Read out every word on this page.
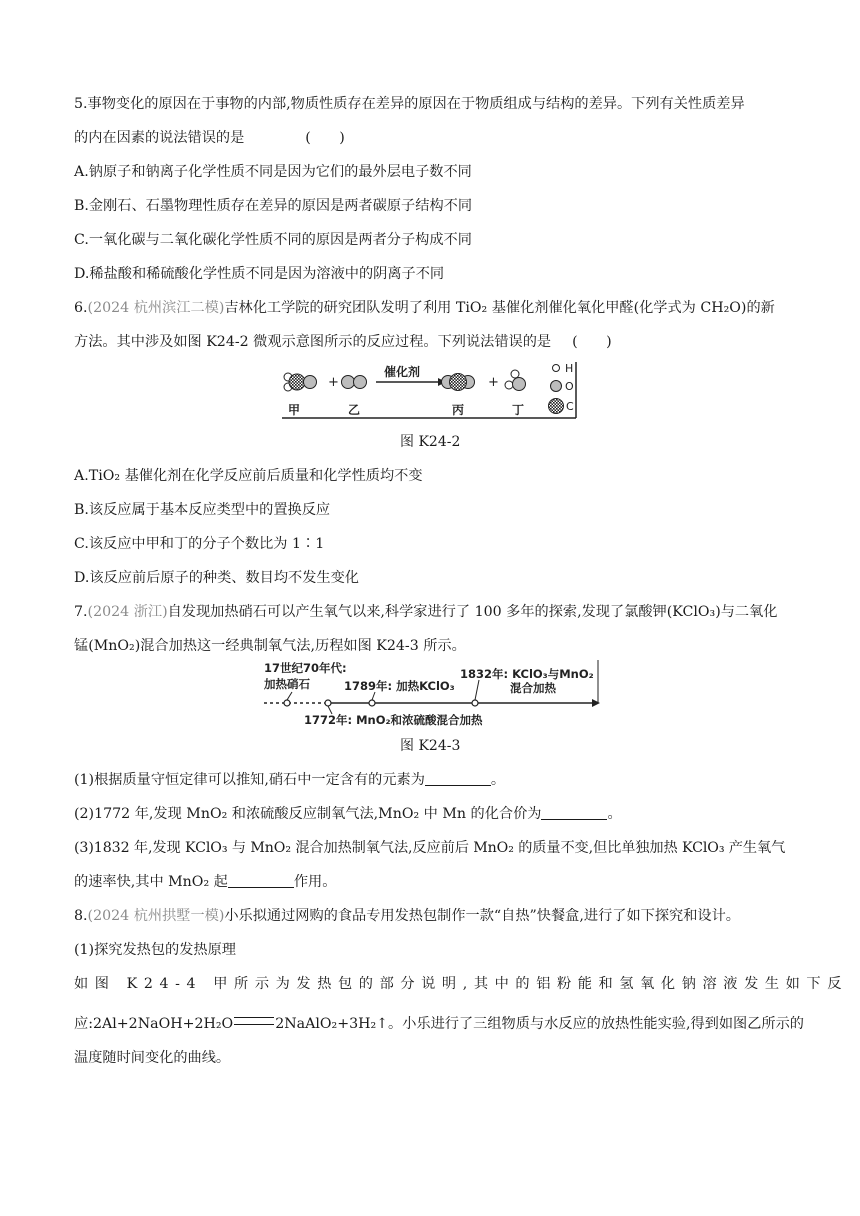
5.事物变化的原因在于事物的内部,物质性质存在差异的原因在于物质组成与结构的差异。下列有关性质差异
的内在因素的说法错误的是	(　　)
A.钠原子和钠离子化学性质不同是因为它们的最外层电子数不同
B.金刚石、石墨物理性质存在差异的原因是两者碳原子结构不同
C.一氧化碳与二氧化碳化学性质不同的原因是两者分子构成不同
D.稀盐酸和稀硫酸化学性质不同是因为溶液中的阴离子不同
6.(2024 杭州滨江二模)吉林化工学院的研究团队发明了利用 TiO₂ 基催化剂催化氧化甲醛(化学式为 CH₂O)的新
方法。其中涉及如图 K24-2 微观示意图所示的反应过程。下列说法错误的是 (　　)
+
催化剂
+
甲	乙	丙	丁
H
O
C
图 K24-2
A.TiO₂ 基催化剂在化学反应前后质量和化学性质均不变
B.该反应属于基本反应类型中的置换反应
C.该反应中甲和丁的分子个数比为 1∶1
D.该反应前后原子的种类、数目均不发生变化
7.(2024 浙江)自发现加热硝石可以产生氧气以来,科学家进行了 100 多年的探索,发现了氯酸钾(KClO₃)与二氧化
锰(MnO₂)混合加热这一经典制氧气法,历程如图 K24-3 所示。
17世纪70年代:
加热硝石	1789年: 加热KClO₃
1832年: KClO₃与MnO₂
混合加热
1772年: MnO₂和浓硫酸混合加热
图 K24-3
(1)根据质量守恒定律可以推知,硝石中一定含有的元素为	。
(2)1772 年,发现 MnO₂ 和浓硫酸反应制氧气法,MnO₂ 中 Mn 的化合价为	。
(3)1832 年,发现 KClO₃ 与 MnO₂ 混合加热制氧气法,反应前后 MnO₂ 的质量不变,但比单独加热 KClO₃ 产生氧气
的速率快,其中 MnO₂ 起	作用。
8.(2024 杭州拱墅一模)小乐拟通过网购的食品专用发热包制作一款“自热”快餐盒,进行了如下探究和设计。
(1)探究发热包的发热原理
如图 K24-4 甲所示为发热包的部分说明,其中的铝粉能和氢氧化钠溶液发生如下反
应:2Al+2NaOH+2H₂O	2NaAlO₂+3H₂↑。小乐进行了三组物质与水反应的放热性能实验,得到如图乙所示的
温度随时间变化的曲线。
